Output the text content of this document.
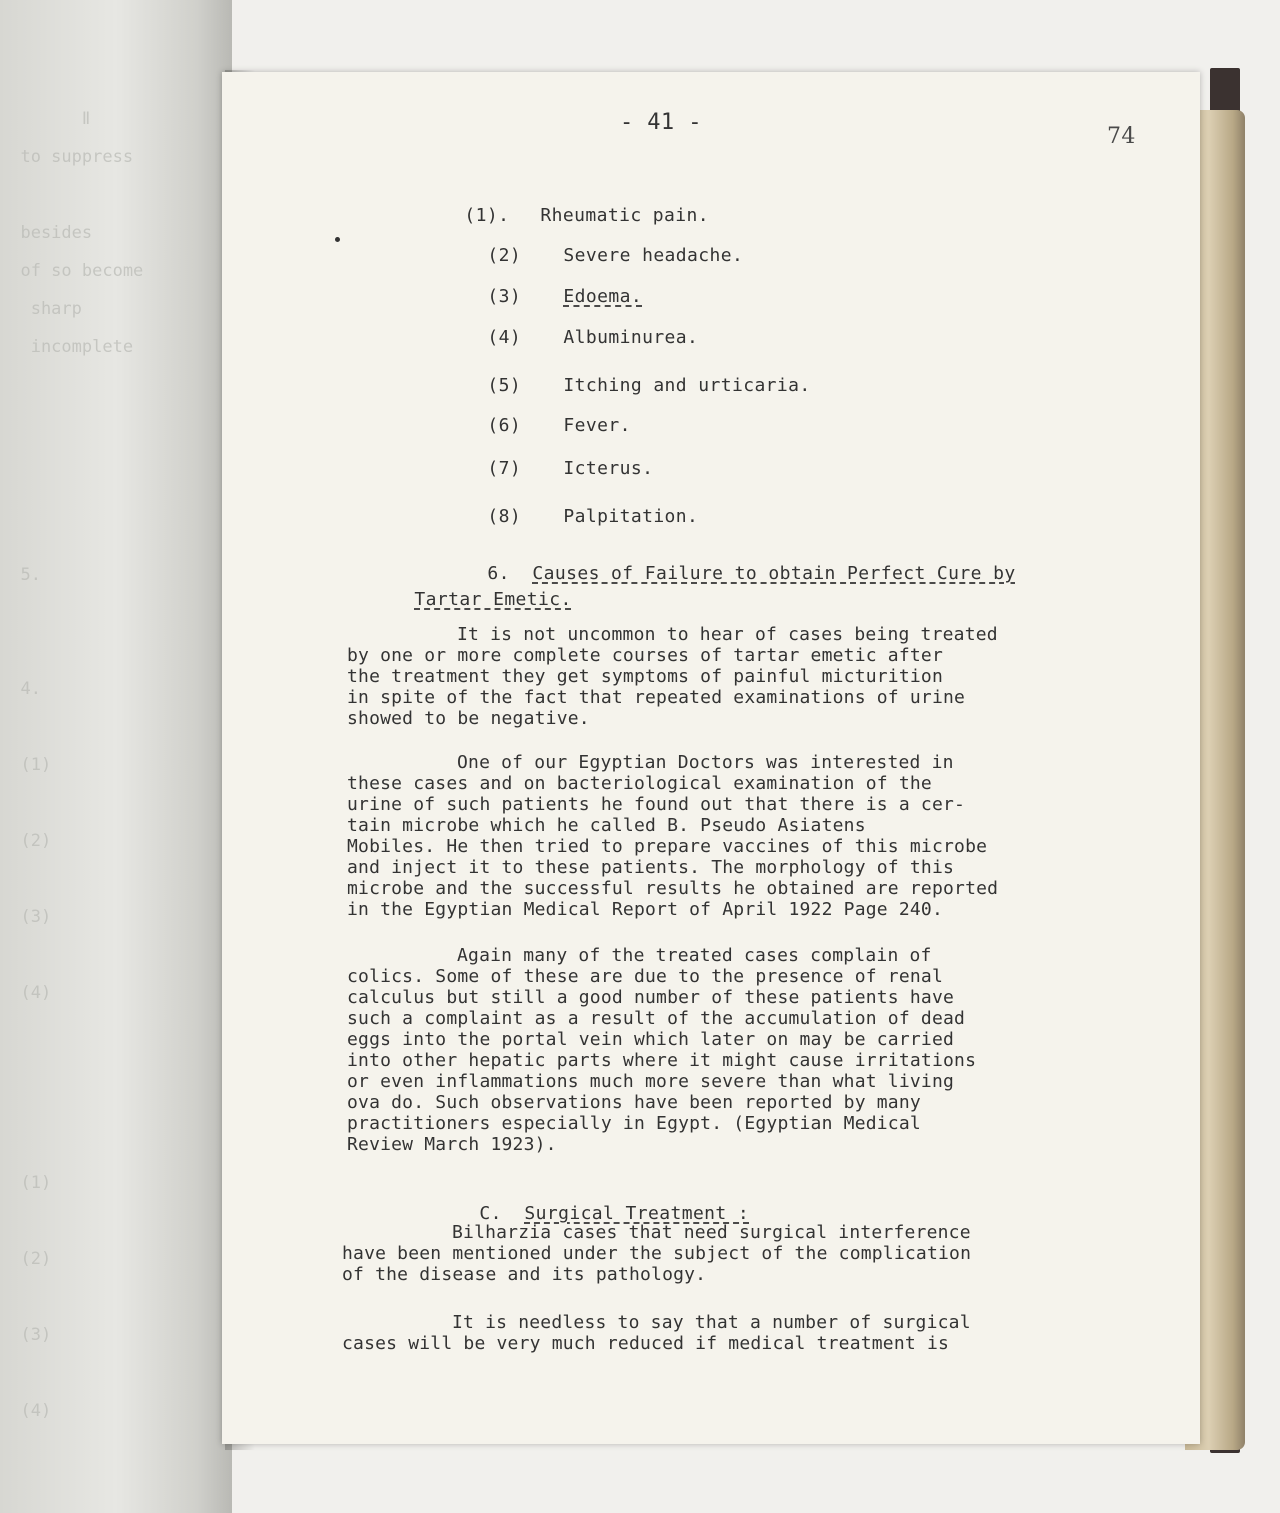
Ⅱ
to suppress

besides
of so become
sharp
incomplete

5.

4.

(1)

(2)

(3)

(4)

(1)

(2)

(3)

(4)
- 41 -
74

(1). Rheumatic pain.

(2) Severe headache.

(3) Edoema.

(4) Albuminurea.

(5) Itching and urticaria.

(6) Fever.

(7) Icterus.

(8) Palpitation.

6. Causes of Failure to obtain Perfect Cure by

Tartar Emetic.

It is not uncommon to hear of cases being treated
by one or more complete courses of tartar emetic after
the treatment they get symptoms of painful micturition
in spite of the fact that repeated examinations of urine
showed to be negative.
One of our Egyptian Doctors was interested in
these cases and on bacteriological examination of the
urine of such patients he found out that there is a cer-
tain microbe which he called B. Pseudo Asiatens
Mobiles. He then tried to prepare vaccines of this microbe
and inject it to these patients. The morphology of this
microbe and the successful results he obtained are reported
in the Egyptian Medical Report of April 1922 Page 240.
Again many of the treated cases complain of
colics. Some of these are due to the presence of renal
calculus but still a good number of these patients have
such a complaint as a result of the accumulation of dead
eggs into the portal vein which later on may be carried
into other hepatic parts where it might cause irritations
or even inflammations much more severe than what living
ova do. Such observations have been reported by many
practitioners especially in Egypt. (Egyptian Medical
Review March 1923).

C. Surgical Treatment :

Bilharzia cases that need surgical interference
have been mentioned under the subject of the complication
of the disease and its pathology.
It is needless to say that a number of surgical
cases will be very much reduced if medical treatment is
